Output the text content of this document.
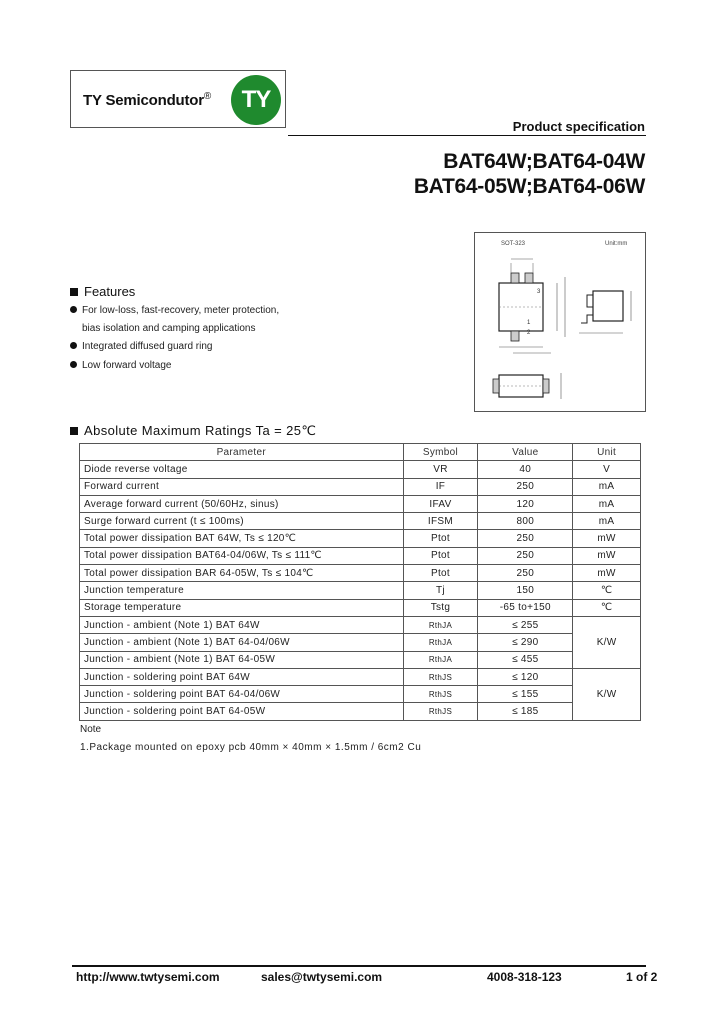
TY Semicondutor®	TY
Product specification
BAT64W;BAT64-04W
BAT64-05W;BAT64-06W
SOT-323	Unit:mm
1
2
3
Features
For low-loss, fast-recovery, meter protection,
bias isolation and camping applications
Integrated diffused guard ring
Low forward voltage
Absolute Maximum Ratings Ta = 25℃
Parameter	Symbol	Value	Unit
Diode reverse voltage	VR	40	V
Forward current	IF	250	mA
Average forward current (50/60Hz, sinus)	IFAV	120	mA
Surge forward current (t ≤ 100ms)	IFSM	800	mA
Total power dissipation BAT 64W, Ts ≤ 120℃	Ptot	250	mW
Total power dissipation BAT64-04/06W, Ts ≤ 111℃	Ptot	250	mW
Total power dissipation BAR 64-05W, Ts ≤ 104℃	Ptot	250	mW
Junction temperature	Tj	150	℃
Storage temperature	Tstg	-65 to+150	℃
Junction - ambient (Note 1) BAT 64W	RthJA	≤ 255	K/W
Junction - ambient (Note 1) BAT 64-04/06W	RthJA	≤ 290	
Junction - ambient (Note 1) BAT 64-05W	RthJA	≤ 455	
Junction - soldering point BAT 64W	RthJS	≤ 120	K/W
Junction - soldering point BAT 64-04/06W	RthJS	≤ 155	
Junction - soldering point BAT 64-05W	RthJS	≤ 185	
Note
1.Package mounted on epoxy pcb 40mm × 40mm × 1.5mm / 6cm2 Cu
http://www.twtysemi.com	sales@twtysemi.com	4008-318-123	1 of 2
